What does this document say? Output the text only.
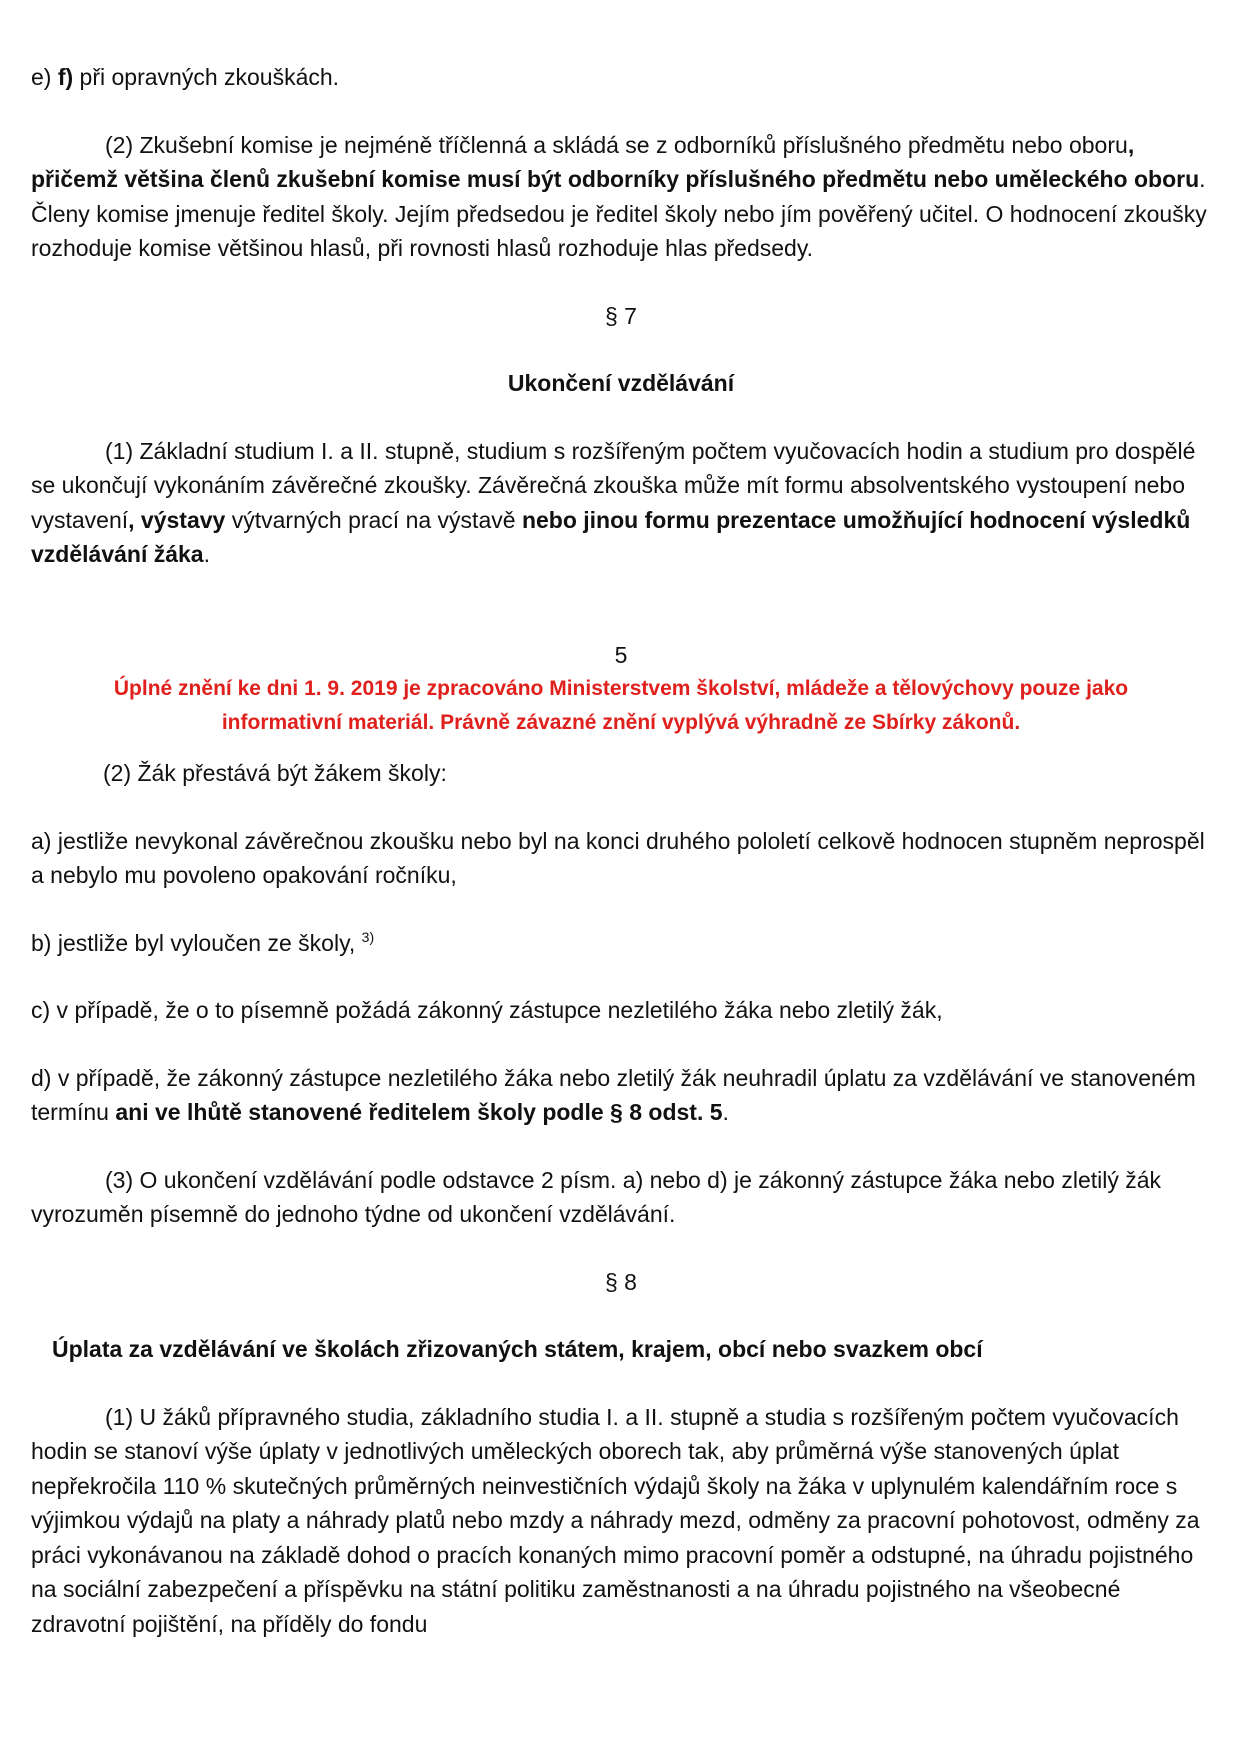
e) f) při opravných zkouškách.

(2) Zkušební komise je nejméně tříčlenná a skládá se z odborníků příslušného předmětu nebo oboru, přičemž většina členů zkušební komise musí být odborníky příslušného předmětu nebo uměleckého oboru. Členy komise jmenuje ředitel školy. Jejím předsedou je ředitel školy nebo jím pověřený učitel. O hodnocení zkoušky rozhoduje komise většinou hlasů, při rovnosti hlasů rozhoduje hlas předsedy.

§ 7

Ukončení vzdělávání

(1) Základní studium I. a II. stupně, studium s rozšířeným počtem vyučovacích hodin a studium pro dospělé se ukončují vykonáním závěrečné zkoušky. Závěrečná zkouška může mít formu absolventského vystoupení nebo vystavení, výstavy výtvarných prací na výstavě nebo jinou formu prezentace umožňující hodnocení výsledků vzdělávání žáka.

5

Úplné znění ke dni 1. 9. 2019 je zpracováno Ministerstvem školství, mládeže a tělovýchovy pouze jako
informativní materiál. Právně závazné znění vyplývá výhradně ze Sbírky zákonů.

(2) Žák přestává být žákem školy:

a) jestliže nevykonal závěrečnou zkoušku nebo byl na konci druhého pololetí celkově hodnocen stupněm neprospěl a nebylo mu povoleno opakování ročníku,

b) jestliže byl vyloučen ze školy, $^{3)}$

c) v případě, že o to písemně požádá zákonný zástupce nezletilého žáka nebo zletilý žák,

d) v případě, že zákonný zástupce nezletilého žáka nebo zletilý žák neuhradil úplatu za vzdělávání ve stanoveném termínu ani ve lhůtě stanovené ředitelem školy podle § 8 odst. 5.

(3) O ukončení vzdělávání podle odstavce 2 písm. a) nebo d) je zákonný zástupce žáka nebo zletilý žák vyrozuměn písemně do jednoho týdne od ukončení vzdělávání.

§ 8

Úplata za vzdělávání ve školách zřizovaných státem, krajem, obcí nebo svazkem obcí

(1) U žáků přípravného studia, základního studia I. a II. stupně a studia s rozšířeným počtem vyučovacích hodin se stanoví výše úplaty v jednotlivých uměleckých oborech tak, aby průměrná výše stanovených úplat nepřekročila 110 % skutečných průměrných neinvestičních výdajů školy na žáka v uplynulém kalendářním roce s výjimkou výdajů na platy a náhrady platů nebo mzdy a náhrady mezd, odměny za pracovní pohotovost, odměny za práci vykonávanou na základě dohod o pracích konaných mimo pracovní poměr a odstupné, na úhradu pojistného na sociální zabezpečení a příspěvku na státní politiku zaměstnanosti a na úhradu pojistného na všeobecné zdravotní pojištění, na příděly do fondu
